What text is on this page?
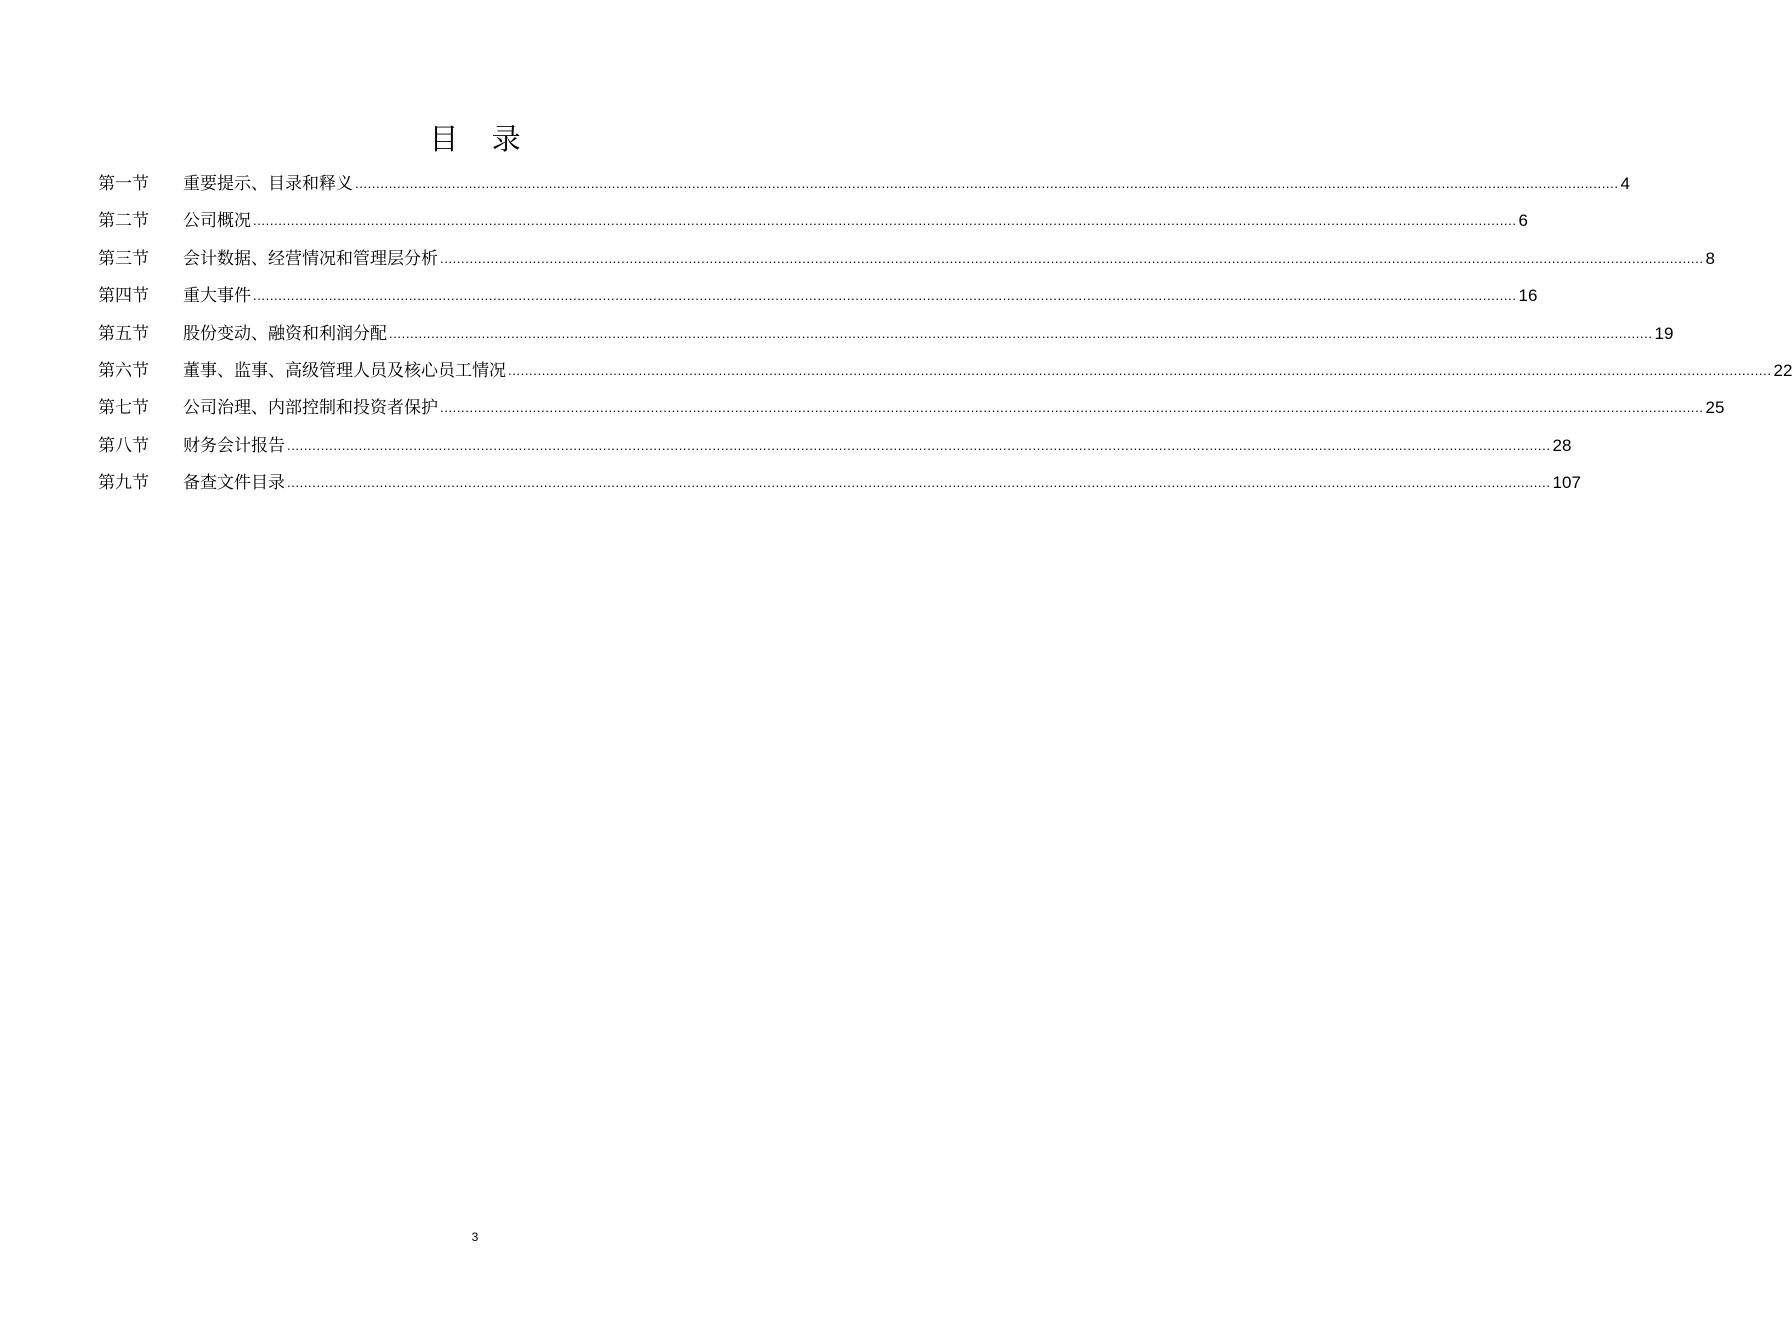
目 录
第一节	重要提示、目录和释义 ............................................................................................................................................................................................................................................................................................................ 4
第二节	公司概况 ............................................................................................................................................................................................................................................................................................................ 6
第三节	会计数据、经营情况和管理层分析 ............................................................................................................................................................................................................................................................................................................ 8
第四节	重大事件 ............................................................................................................................................................................................................................................................................................................ 16
第五节	股份变动、融资和利润分配 ............................................................................................................................................................................................................................................................................................................ 19
第六节	董事、监事、高级管理人员及核心员工情况 ............................................................................................................................................................................................................................................................................................................ 22
第七节	公司治理、内部控制和投资者保护 ............................................................................................................................................................................................................................................................................................................ 25
第八节	财务会计报告 ............................................................................................................................................................................................................................................................................................................ 28
第九节	备查文件目录 ............................................................................................................................................................................................................................................................................................................ 107
3
